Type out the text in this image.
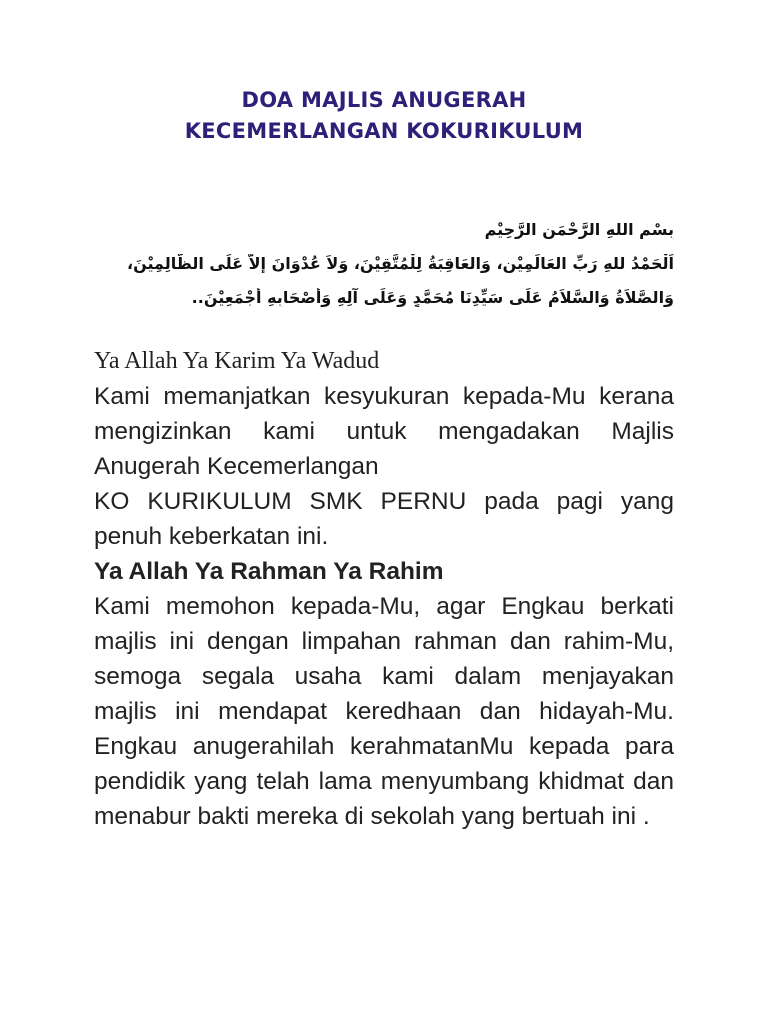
DOA MAJLIS ANUGERAH
KECEMERLANGAN KOKURIKULUM
بِسْمِ اللهِ الرَّحْمَنِ الرَّحِيْمِ
اَلْحَمْدُ للهِ رَبِّ العَالَمِيْن، وَالعَاقِبَةُ لِلْمُتَّقِيْنَ، وَلاَ عُدْوَانَ إِلاَّ عَلَى الظَّالِمِيْنَ،
وَالصَّلاَةُ وَالسَّلاَمُ عَلَى سَيِّدِنَا مُحَمَّدٍ وَعَلَى آلِهِ وَأَصْحَابِهِ أَجْمَعِيْنَ..
Ya Allah Ya Karim Ya Wadud

Kami memanjatkan kesyukuran kepada-Mu kerana mengizinkan kami untuk mengadakan Majlis Anugerah Kecemerlangan

KO KURIKULUM SMK PERNU pada pagi yang penuh keberkatan ini.

Ya Allah Ya Rahman Ya Rahim

Kami memohon kepada-Mu, agar Engkau berkati majlis ini dengan limpahan rahman dan rahim-Mu, semoga segala usaha kami dalam menjayakan majlis ini mendapat keredhaan dan hidayah-Mu. Engkau anugerahilah kerahmatanMu kepada para pendidik yang telah lama menyumbang khidmat dan menabur bakti mereka di sekolah yang bertuah ini .
